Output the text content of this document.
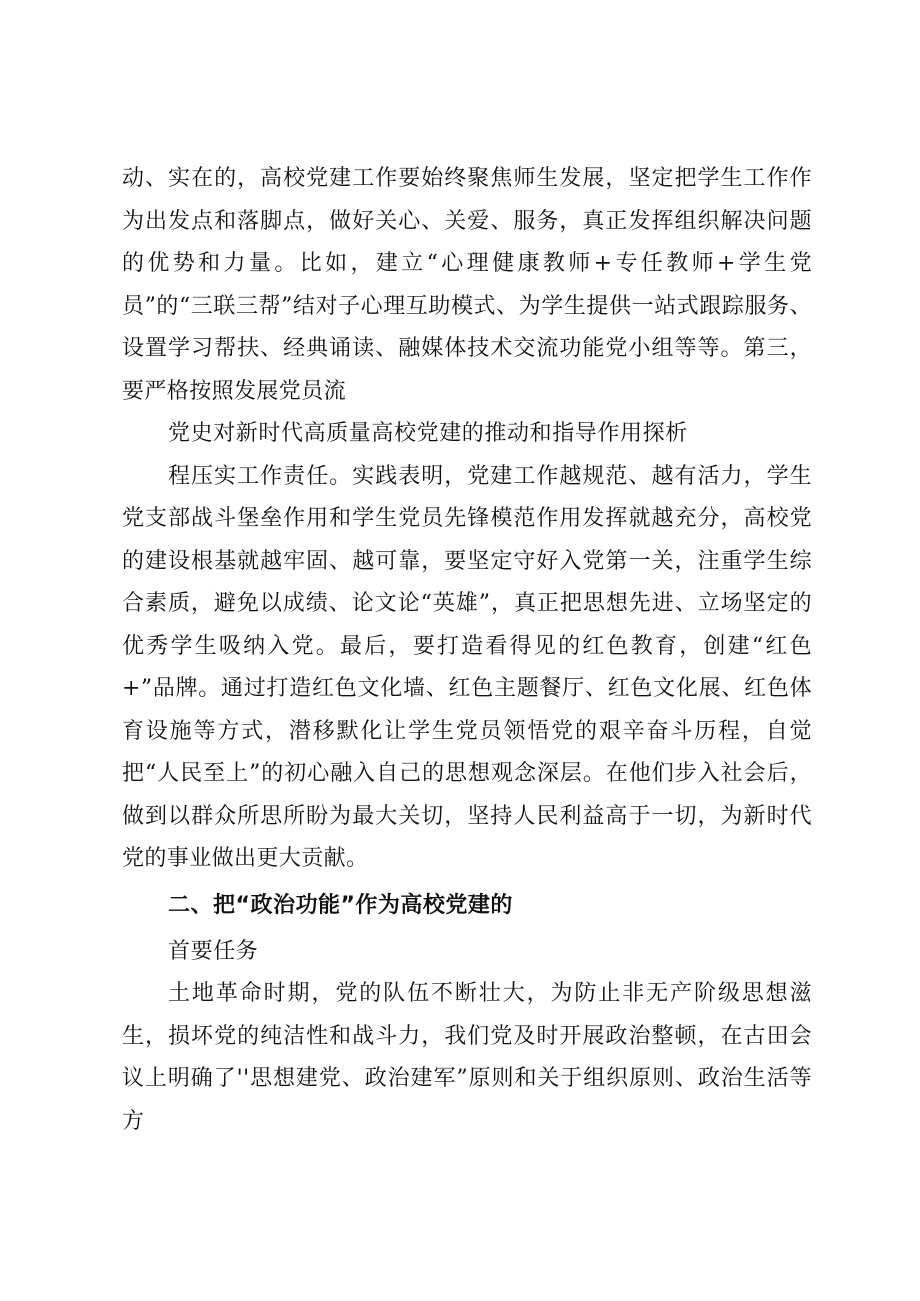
动、实在的，高校党建工作要始终聚焦师生发展，坚定把学生工作作为出发点和落脚点，做好关心、关爱、服务，真正发挥组织解决问题的优势和力量。比如，建立“心理健康教师+专任教师+学生党员”的“三联三帮”结对子心理互助模式、为学生提供一站式跟踪服务、设置学习帮扶、经典诵读、融媒体技术交流功能党小组等等。第三，要严格按照发展党员流

党史对新时代高质量高校党建的推动和指导作用探析

程压实工作责任。实践表明，党建工作越规范、越有活力，学生党支部战斗堡垒作用和学生党员先锋模范作用发挥就越充分，高校党的建设根基就越牢固、越可靠，要坚定守好入党第一关，注重学生综合素质，避免以成绩、论文论“英雄”，真正把思想先进、立场坚定的优秀学生吸纳入党。最后，要打造看得见的红色教育，创建“红色+”品牌。通过打造红色文化墙、红色主题餐厅、红色文化展、红色体育设施等方式，潜移默化让学生党员领悟党的艰辛奋斗历程，自觉把“人民至上”的初心融入自己的思想观念深层。在他们步入社会后，做到以群众所思所盼为最大关切，坚持人民利益高于一切，为新时代党的事业做出更大贡献。

二、把“政治功能”作为高校党建的

首要任务

土地革命时期，党的队伍不断壮大，为防止非无产阶级思想滋生，损坏党的纯洁性和战斗力，我们党及时开展政治整顿，在古田会议上明确了''思想建党、政治建军”原则和关于组织原则、政治生活等方
